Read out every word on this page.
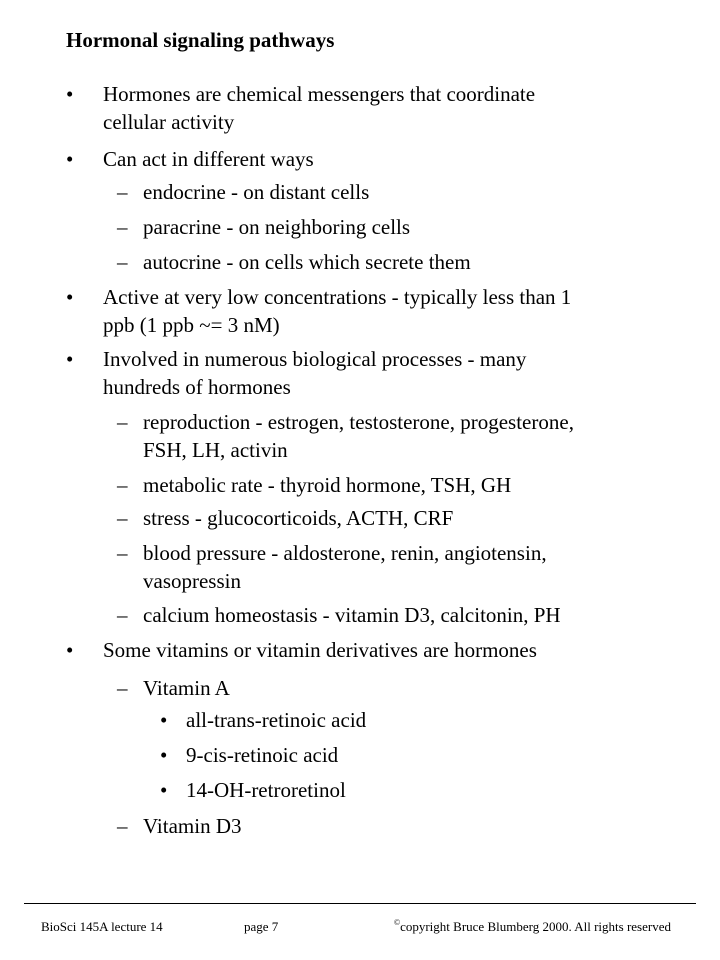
Hormonal signaling pathways
• Hormones are chemical messengers that coordinate
cellular activity
• Can act in different ways
– endocrine - on distant cells
– paracrine - on neighboring cells
– autocrine - on cells which secrete them
• Active at very low concentrations - typically less than 1
ppb (1 ppb ~= 3 nM)
• Involved in numerous biological processes - many
hundreds of hormones
– reproduction - estrogen, testosterone, progesterone,
FSH, LH, activin
– metabolic rate - thyroid hormone, TSH, GH
– stress - glucocorticoids, ACTH, CRF
– blood pressure - aldosterone, renin, angiotensin,
vasopressin
– calcium homeostasis - vitamin D3, calcitonin, PH
• Some vitamins or vitamin derivatives are hormones
– Vitamin A
• all-trans-retinoic acid
• 9-cis-retinoic acid
• 14-OH-retroretinol
– Vitamin D3
BioSci 145A lecture 14	page 7	©copyright Bruce Blumberg 2000. All rights reserved
